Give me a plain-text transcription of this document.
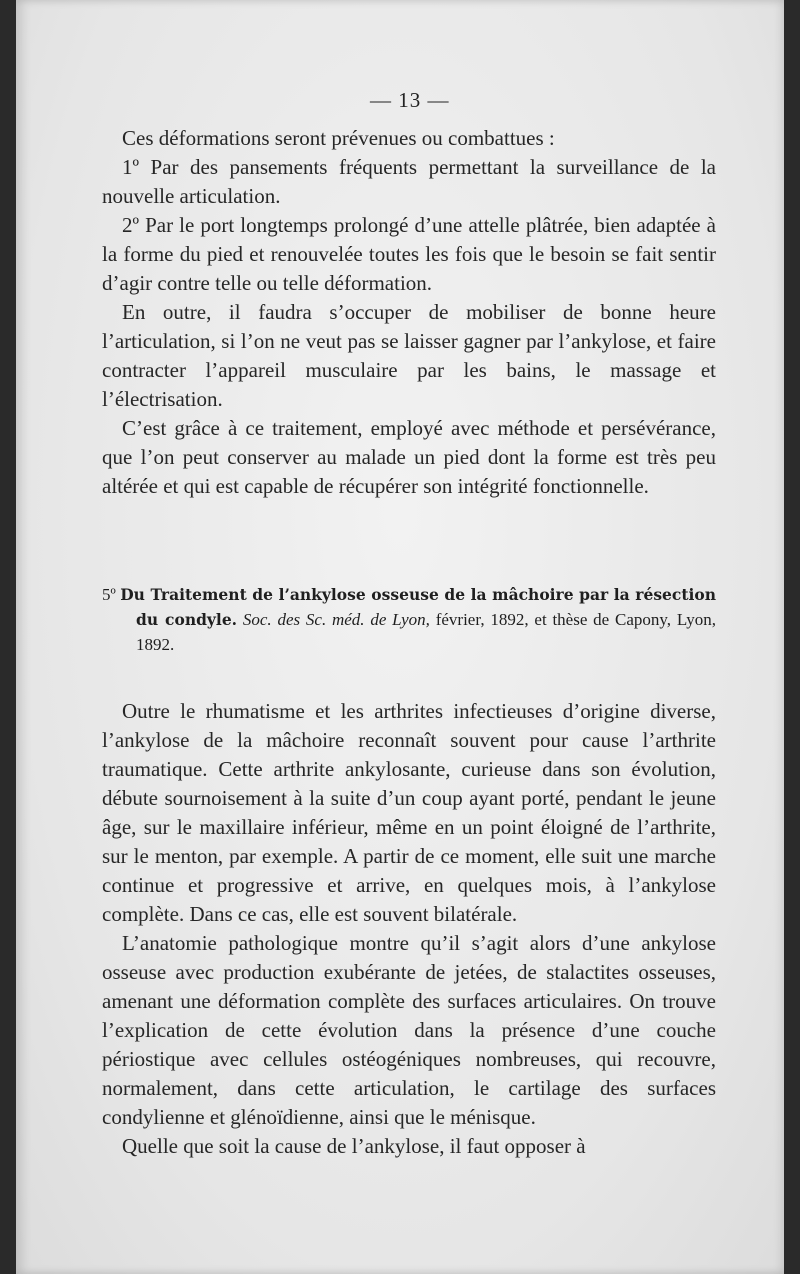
— 13 —

Ces déformations seront prévenues ou combattues :

1º Par des pansements fréquents permettant la surveillance de la nouvelle articulation.

2º Par le port longtemps prolongé d’une attelle plâtrée, bien adaptée à la forme du pied et renouvelée toutes les fois que le besoin se fait sentir d’agir contre telle ou telle déformation.

En outre, il faudra s’occuper de mobiliser de bonne heure l’articulation, si l’on ne veut pas se laisser gagner par l’ankylose, et faire contracter l’appareil musculaire par les bains, le massage et l’électrisation.

C’est grâce à ce traitement, employé avec méthode et persévérance, que l’on peut conserver au malade un pied dont la forme est très peu altérée et qui est capable de récupérer son intégrité fonctionnelle.

5º Du Traitement de l’ankylose osseuse de la mâchoire par la résection du condyle. Soc. des Sc. méd. de Lyon, février, 1892, et thèse de Capony, Lyon, 1892.

Outre le rhumatisme et les arthrites infectieuses d’origine diverse, l’ankylose de la mâchoire reconnaît souvent pour cause l’arthrite traumatique. Cette arthrite ankylosante, curieuse dans son évolution, débute sournoisement à la suite d’un coup ayant porté, pendant le jeune âge, sur le maxillaire inférieur, même en un point éloigné de l’arthrite, sur le menton, par exemple. A partir de ce moment, elle suit une marche continue et progressive et arrive, en quelques mois, à l’ankylose complète. Dans ce cas, elle est souvent bilatérale.

L’anatomie pathologique montre qu’il s’agit alors d’une ankylose osseuse avec production exubérante de jetées, de stalactites osseuses, amenant une déformation complète des surfaces articulaires. On trouve l’explication de cette évolution dans la présence d’une couche périostique avec cellules ostéogéniques nombreuses, qui recouvre, normalement, dans cette articulation, le cartilage des surfaces condylienne et glénoïdienne, ainsi que le ménisque.

Quelle que soit la cause de l’ankylose, il faut opposer à
